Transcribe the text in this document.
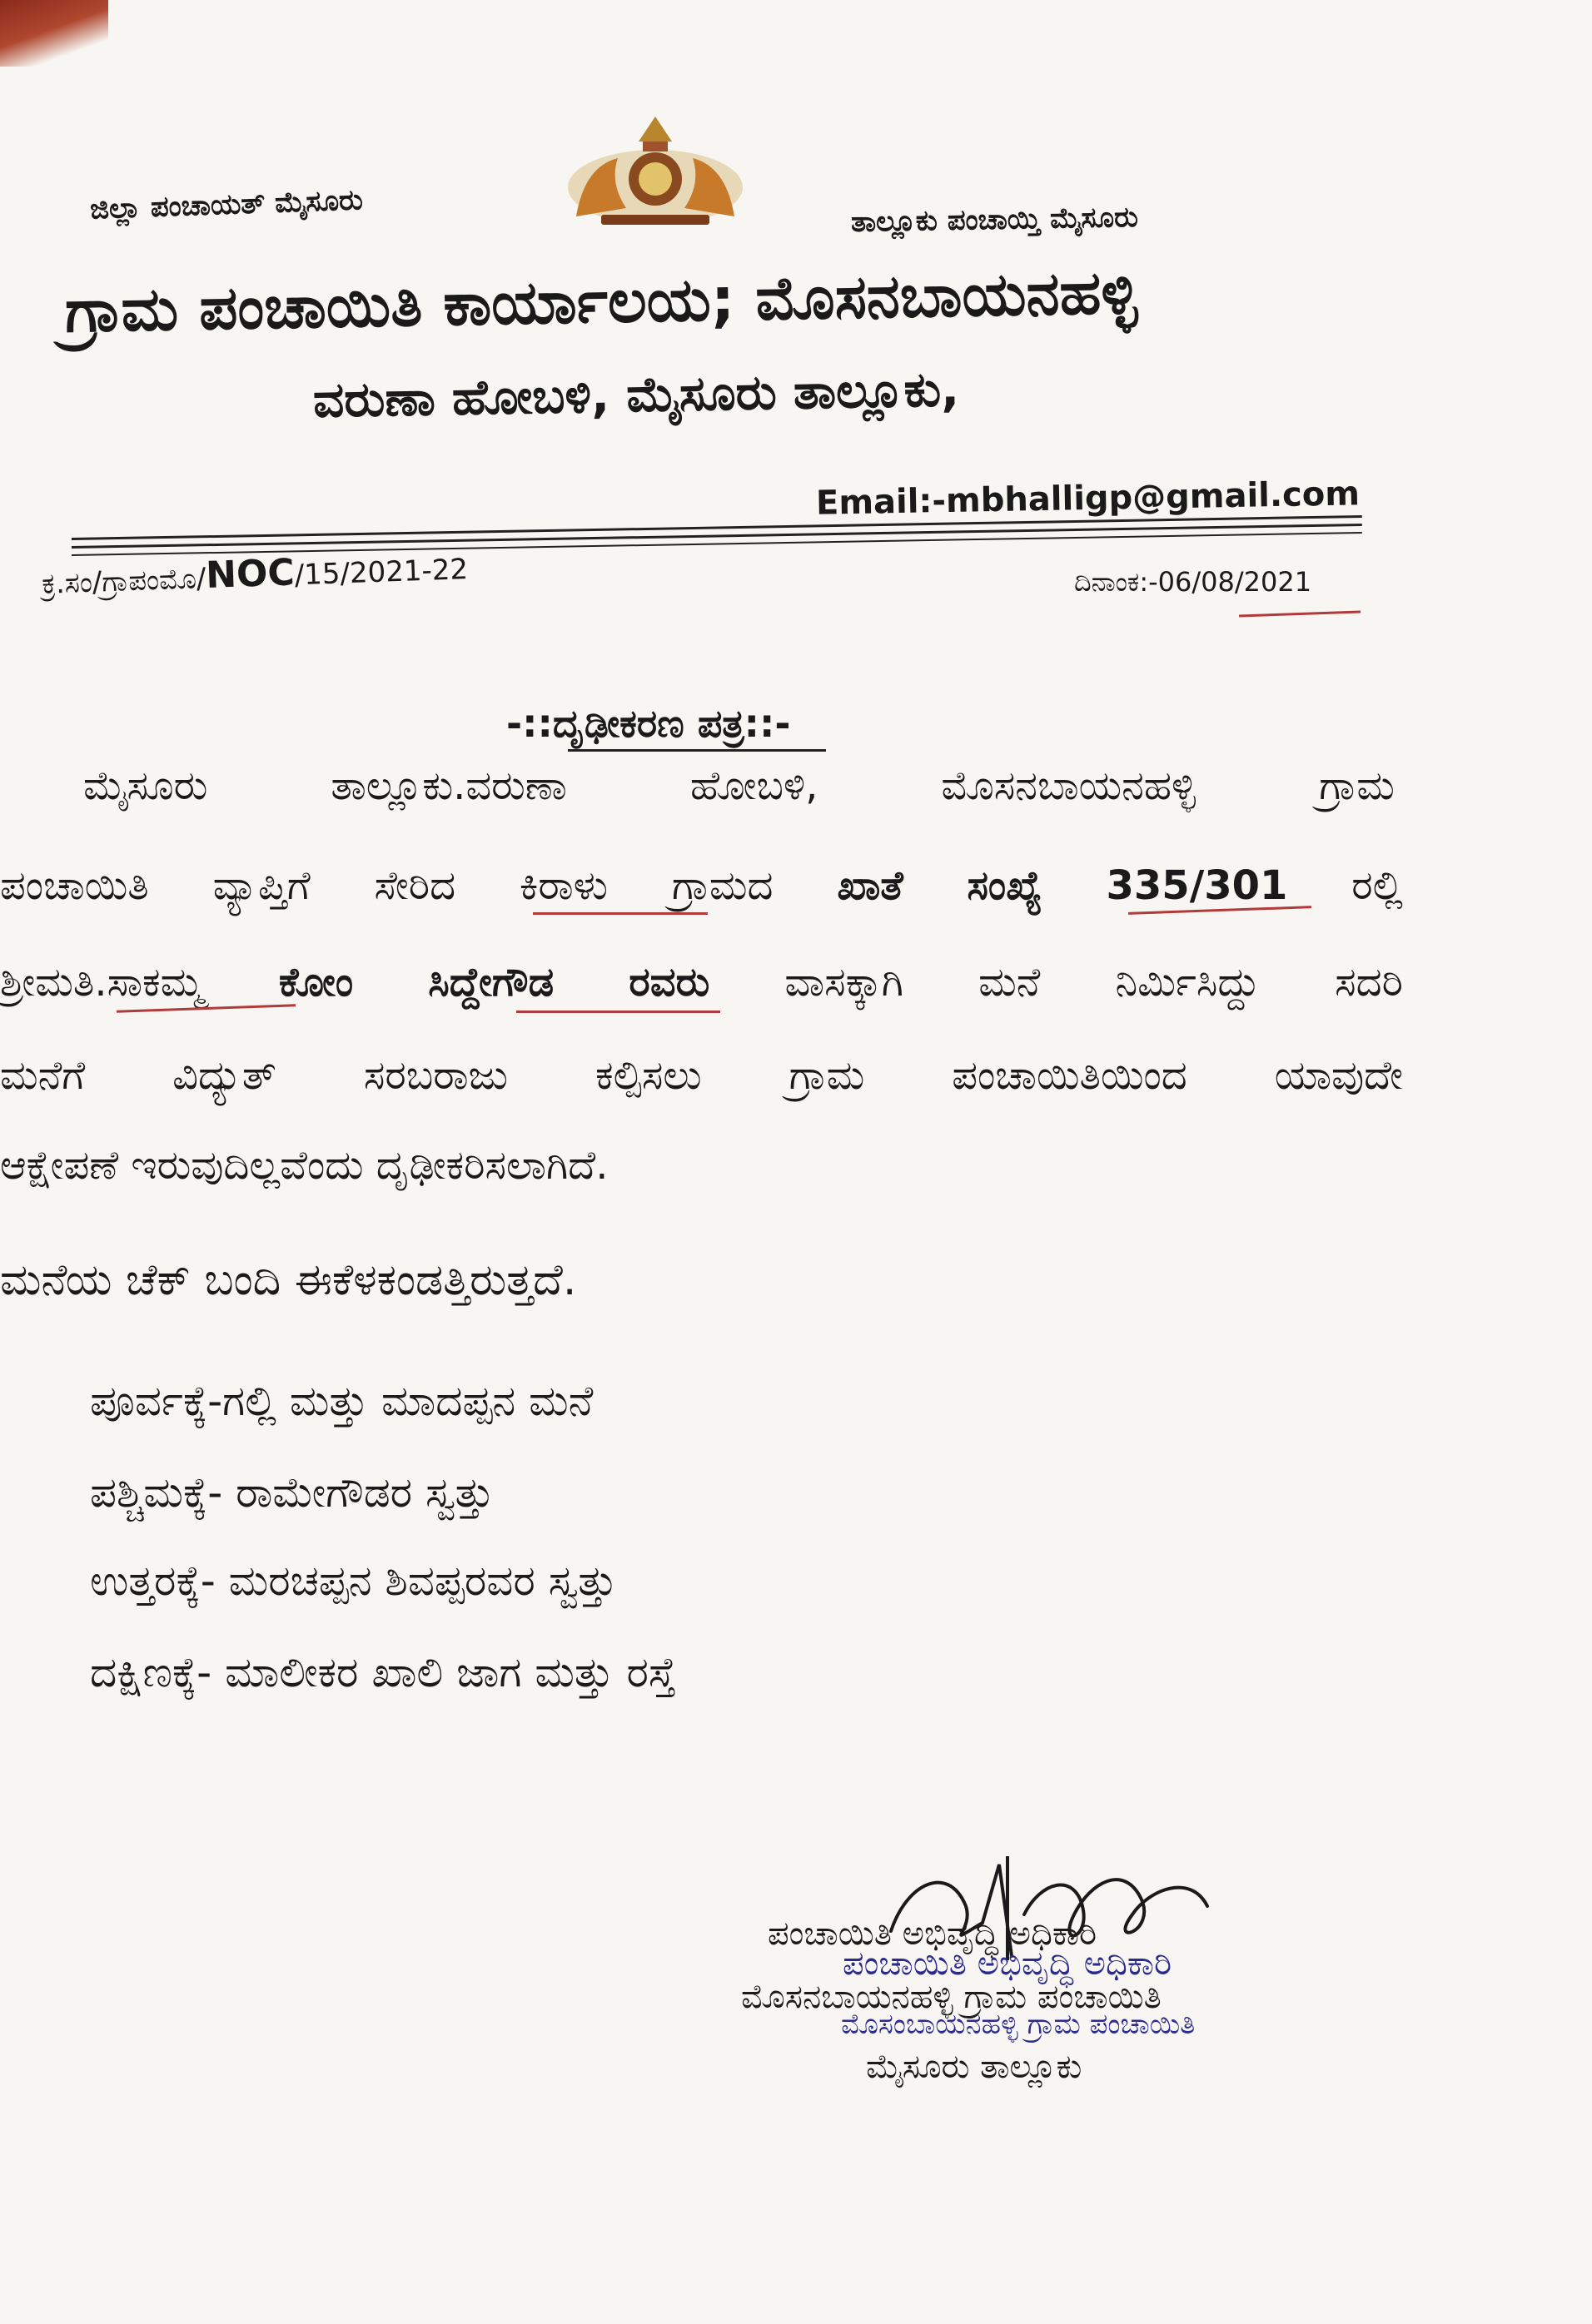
ಜಿಲ್ಲಾ ಪಂಚಾಯತ್ ಮೈಸೂರು	ತಾಲ್ಲೂಕು ಪಂಚಾಯ್ತಿ ಮೈಸೂರು
ಗ್ರಾಮ ಪಂಚಾಯಿತಿ ಕಾರ್ಯಾಲಯ; ಮೊಸನಬಾಯನಹಳ್ಳಿ
ವರುಣಾ ಹೋಬಳಿ, ಮೈಸೂರು ತಾಲ್ಲೂಕು,
Email:-mbhalligp@gmail.com
ಕ್ರ.ಸಂ/ಗ್ರಾಪಂಮೊ/NOC/15/2021-22	ದಿನಾಂಕ:-06/08/2021
-::ದೃಢೀಕರಣ ಪತ್ರ::-
ಮೈಸೂರು	ತಾಲ್ಲೂಕು.ವರುಣಾ	ಹೋಬಳಿ,	ಮೊಸನಬಾಯನಹಳ್ಳಿ	ಗ್ರಾಮ
ಪಂಚಾಯಿತಿ ವ್ಯಾಪ್ತಿಗೆ ಸೇರಿದ ಕಿರಾಳು ಗ್ರಾಮದ ಖಾತೆ ಸಂಖ್ಯೆ 335/301 ರಲ್ಲಿ
ಶ್ರೀಮತಿ.ಸಾಕಮ್ಮ ಕೋಂ ಸಿದ್ದೇಗೌಡ ರವರು ವಾಸಕ್ಕಾಗಿ ಮನೆ ನಿರ್ಮಿಸಿದ್ದು ಸದರಿ
ಮನೆಗೆ ವಿದ್ಯುತ್ ಸರಬರಾಜು ಕಲ್ಪಿಸಲು ಗ್ರಾಮ ಪಂಚಾಯಿತಿಯಿಂದ ಯಾವುದೇ
ಆಕ್ಷೇಪಣೆ ಇರುವುದಿಲ್ಲವೆಂದು ದೃಢೀಕರಿಸಲಾಗಿದೆ.
ಮನೆಯ ಚೆಕ್ ಬಂದಿ ಈಕೆಳಕಂಡತ್ತಿರುತ್ತದೆ.
ಪೂರ್ವಕ್ಕೆ-ಗಲ್ಲಿ ಮತ್ತು ಮಾದಪ್ಪನ ಮನೆ
ಪಶ್ಚಿಮಕ್ಕೆ- ರಾಮೇಗೌಡರ ಸ್ವತ್ತು
ಉತ್ತರಕ್ಕೆ- ಮರಚಪ್ಪನ ಶಿವಪ್ಪರವರ ಸ್ವತ್ತು
ದಕ್ಷಿಣಕ್ಕೆ- ಮಾಲೀಕರ ಖಾಲಿ ಜಾಗ ಮತ್ತು ರಸ್ತೆ
ಪಂಚಾಯಿತಿ ಅಭಿವೃದ್ಧಿ ಅಧಿಕಾರಿ
ಪಂಚಾಯಿತಿ ಅಭಿವೃದ್ಧಿ ಅಧಿಕಾರಿ
ಮೊಸನಬಾಯನಹಳ್ಳಿ ಗ್ರಾಮ ಪಂಚಾಯಿತಿ
ಮೊಸಂಬಾಯನಹಳ್ಳಿ ಗ್ರಾಮ ಪಂಚಾಯಿತಿ
ಮೈಸೂರು ತಾಲ್ಲೂಕು
